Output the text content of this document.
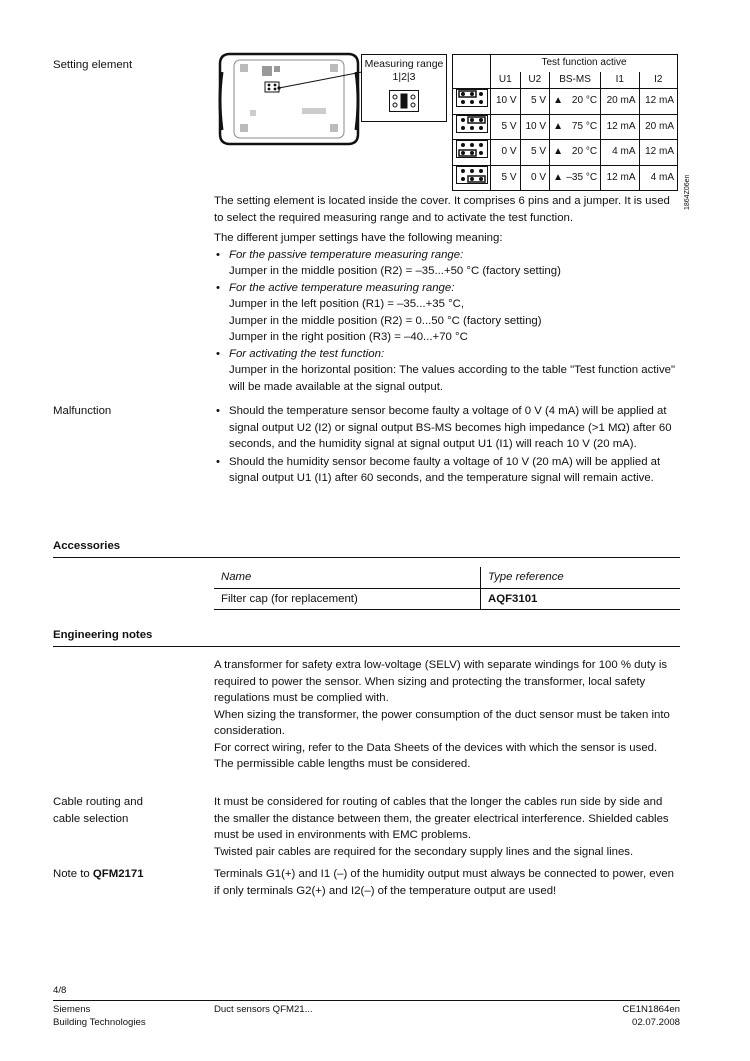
Setting element	Measuring range
1|2|3
	Test function active				
	U1	U2	BS-MS	I1	I2
	10 V	5 V	▲ 20 °C	20 mA	12 mA
	5 V	10 V	▲ 75 °C	12 mA	20 mA
	0 V	5 V	▲ 20 °C	4 mA	12 mA
	5 V	0 V	▲ –35 °C	12 mA	4 mA 1864Z06en

The setting element is located inside the cover. It comprises 6 pins and a jumper. It is used to select the required measuring range and to activate the test function.

The different jumper settings have the following meaning:

• For the passive temperature measuring range:
Jumper in the middle position (R2) = –35...+50 °C (factory setting)
• For the active temperature measuring range:
Jumper in the left position (R1) = –35...+35 °C,
Jumper in the middle position (R2) = 0...50 °C (factory setting)
Jumper in the right position (R3) = –40...+70 °C
• For activating the test function:
Jumper in the horizontal position: The values according to the table "Test function active" will be made available at the signal output.
Malfunction	• Should the temperature sensor become faulty a voltage of 0 V (4 mA) will be applied at signal output U2 (I2) or signal output BS-MS becomes high impedance (>1 MΩ) after 60 seconds, and the humidity signal at signal output U1 (I1) will reach 10 V (20 mA).
• Should the humidity sensor become faulty a voltage of 10 V (20 mA) will be applied at signal output U1 (I1) after 60 seconds, and the temperature signal will remain active.
Accessories
Name	Type reference
Filter cap (for replacement)	AQF3101
Engineering notes

A transformer for safety extra low-voltage (SELV) with separate windings for 100 % duty is required to power the sensor. When sizing and protecting the transformer, local safety regulations must be complied with.

When sizing the transformer, the power consumption of the duct sensor must be taken into consideration.

For correct wiring, refer to the Data Sheets of the devices with which the sensor is used.

The permissible cable lengths must be considered.

Cable routing and
cable selection

It must be considered for routing of cables that the longer the cables run side by side and the smaller the distance between them, the greater electrical interference. Shielded cables must be used in environments with EMC problems.

Twisted pair cables are required for the secondary supply lines and the signal lines.

Note to QFM2171	Terminals G1(+) and I1 (–) of the humidity output must always be connected to power, even if only terminals G2(+) and I2(–) of the temperature output are used!
4/8
Siemens
Building Technologies
Duct sensors QFM21...	CE1N1864en
02.07.2008
